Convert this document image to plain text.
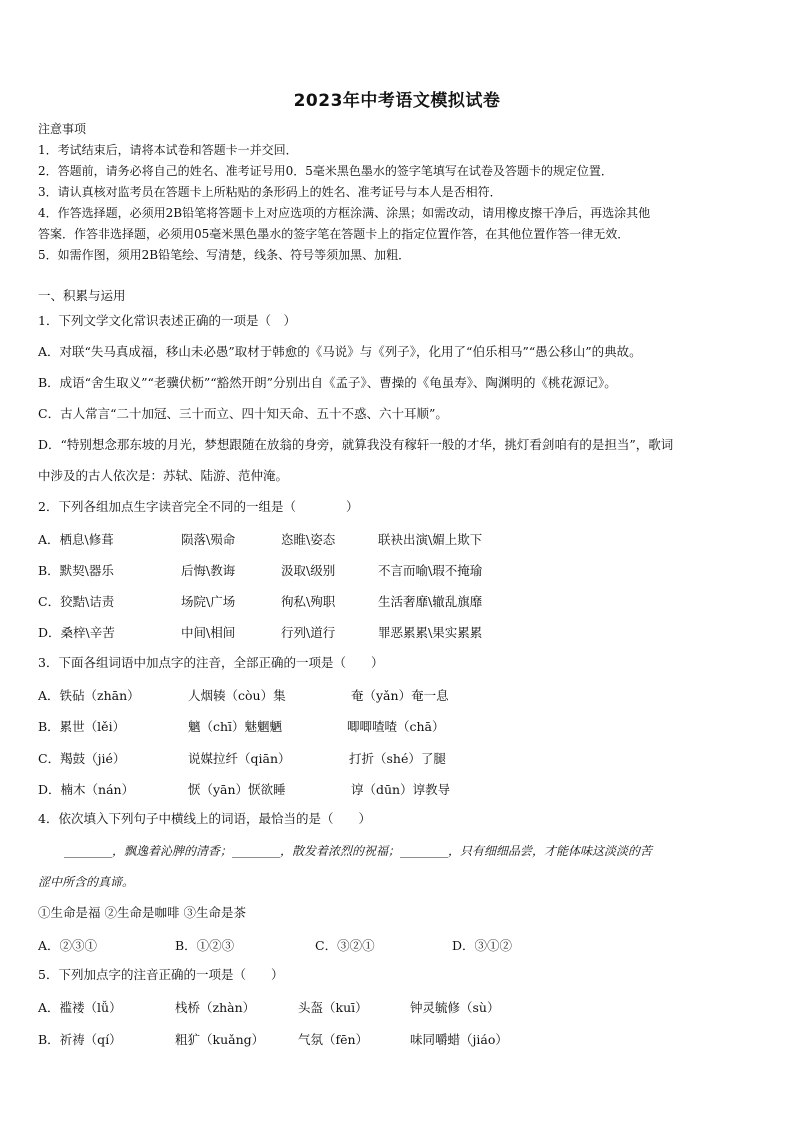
2023年中考语文模拟试卷
注意事项
1．考试结束后，请将本试卷和答题卡一并交回．
2．答题前，请务必将自己的姓名、准考证号用0．5毫米黑色墨水的签字笔填写在试卷及答题卡的规定位置．
3．请认真核对监考员在答题卡上所粘贴的条形码上的姓名、准考证号与本人是否相符．
4．作答选择题，必须用2B铅笔将答题卡上对应选项的方框涂满、涂黑；如需改动，请用橡皮擦干净后，再选涂其他
答案．作答非选择题，必须用05毫米黑色墨水的签字笔在答题卡上的指定位置作答，在其他位置作答一律无效．
5．如需作图，须用2B铅笔绘、写清楚，线条、符号等须加黑、加粗．
一、积累与运用
1．下列文学文化常识表述正确的一项是（　）
A．对联“失马真成福，移山未必愚”取材于韩愈的《马说》与《列子》，化用了“伯乐相马”“愚公移山”的典故。
B．成语“舍生取义”“老骥伏枥”“豁然开朗”分别出自《孟子》、曹操的《龟虽寿》、陶渊明的《桃花源记》。
C．古人常言“二十加冠、三十而立、四十知天命、五十不惑、六十耳顺”。
D．“特别想念那东坡的月光，梦想跟随在放翁的身旁，就算我没有稼轩一般的才华，挑灯看剑咱有的是担当”，歌词
中涉及的古人依次是：苏轼、陆游、范仲淹。
2．下列各组加点生字读音完全不同的一组是（　　　　）
A．栖息\修葺	陨落\殒命	恣睢\姿态	联袂出演\媚上欺下
B．默契\器乐	后悔\教诲	汲取\级别	不言而喻\瑕不掩瑜
C．狡黠\诘责	场院\广场	徇私\殉职	生活奢靡\辙乱旗靡
D．桑梓\辛苦	中间\相间	行列\道行	罪恶累累\果实累累
3．下面各组词语中加点字的注音，全部正确的一项是（　　）
A．铁砧（zhān）	人烟辏（còu）集	奄（yǎn）奄一息
B．累世（lěi）	魑（chī）魅魍魉	唧唧喳喳（chā）
C．羯鼓（jié）	说媒拉纤（qiān）	打折（shé）了腿
D．楠木（nán）	恹（yān）恹欲睡	谆（dūn）谆教导
4．依次填入下列句子中横线上的词语，最恰当的是（　　）
________，飘逸着沁脾的清香；________，散发着浓烈的祝福；________，只有细细品尝，才能体味这淡淡的苦
涩中所含的真谛。
①生命是福 ②生命是咖啡 ③生命是茶
A．②③①	B．①②③	C．③②①	D．③①②
5．下列加点字的注音正确的一项是（　　）
A．褴褛（lǚ）	栈桥（zhàn）	头盔（kuī）	钟灵毓修（sù）
B．祈祷（qí）	粗犷（kuǎng）	气氛（fēn）	味同嚼蜡（jiáo）
